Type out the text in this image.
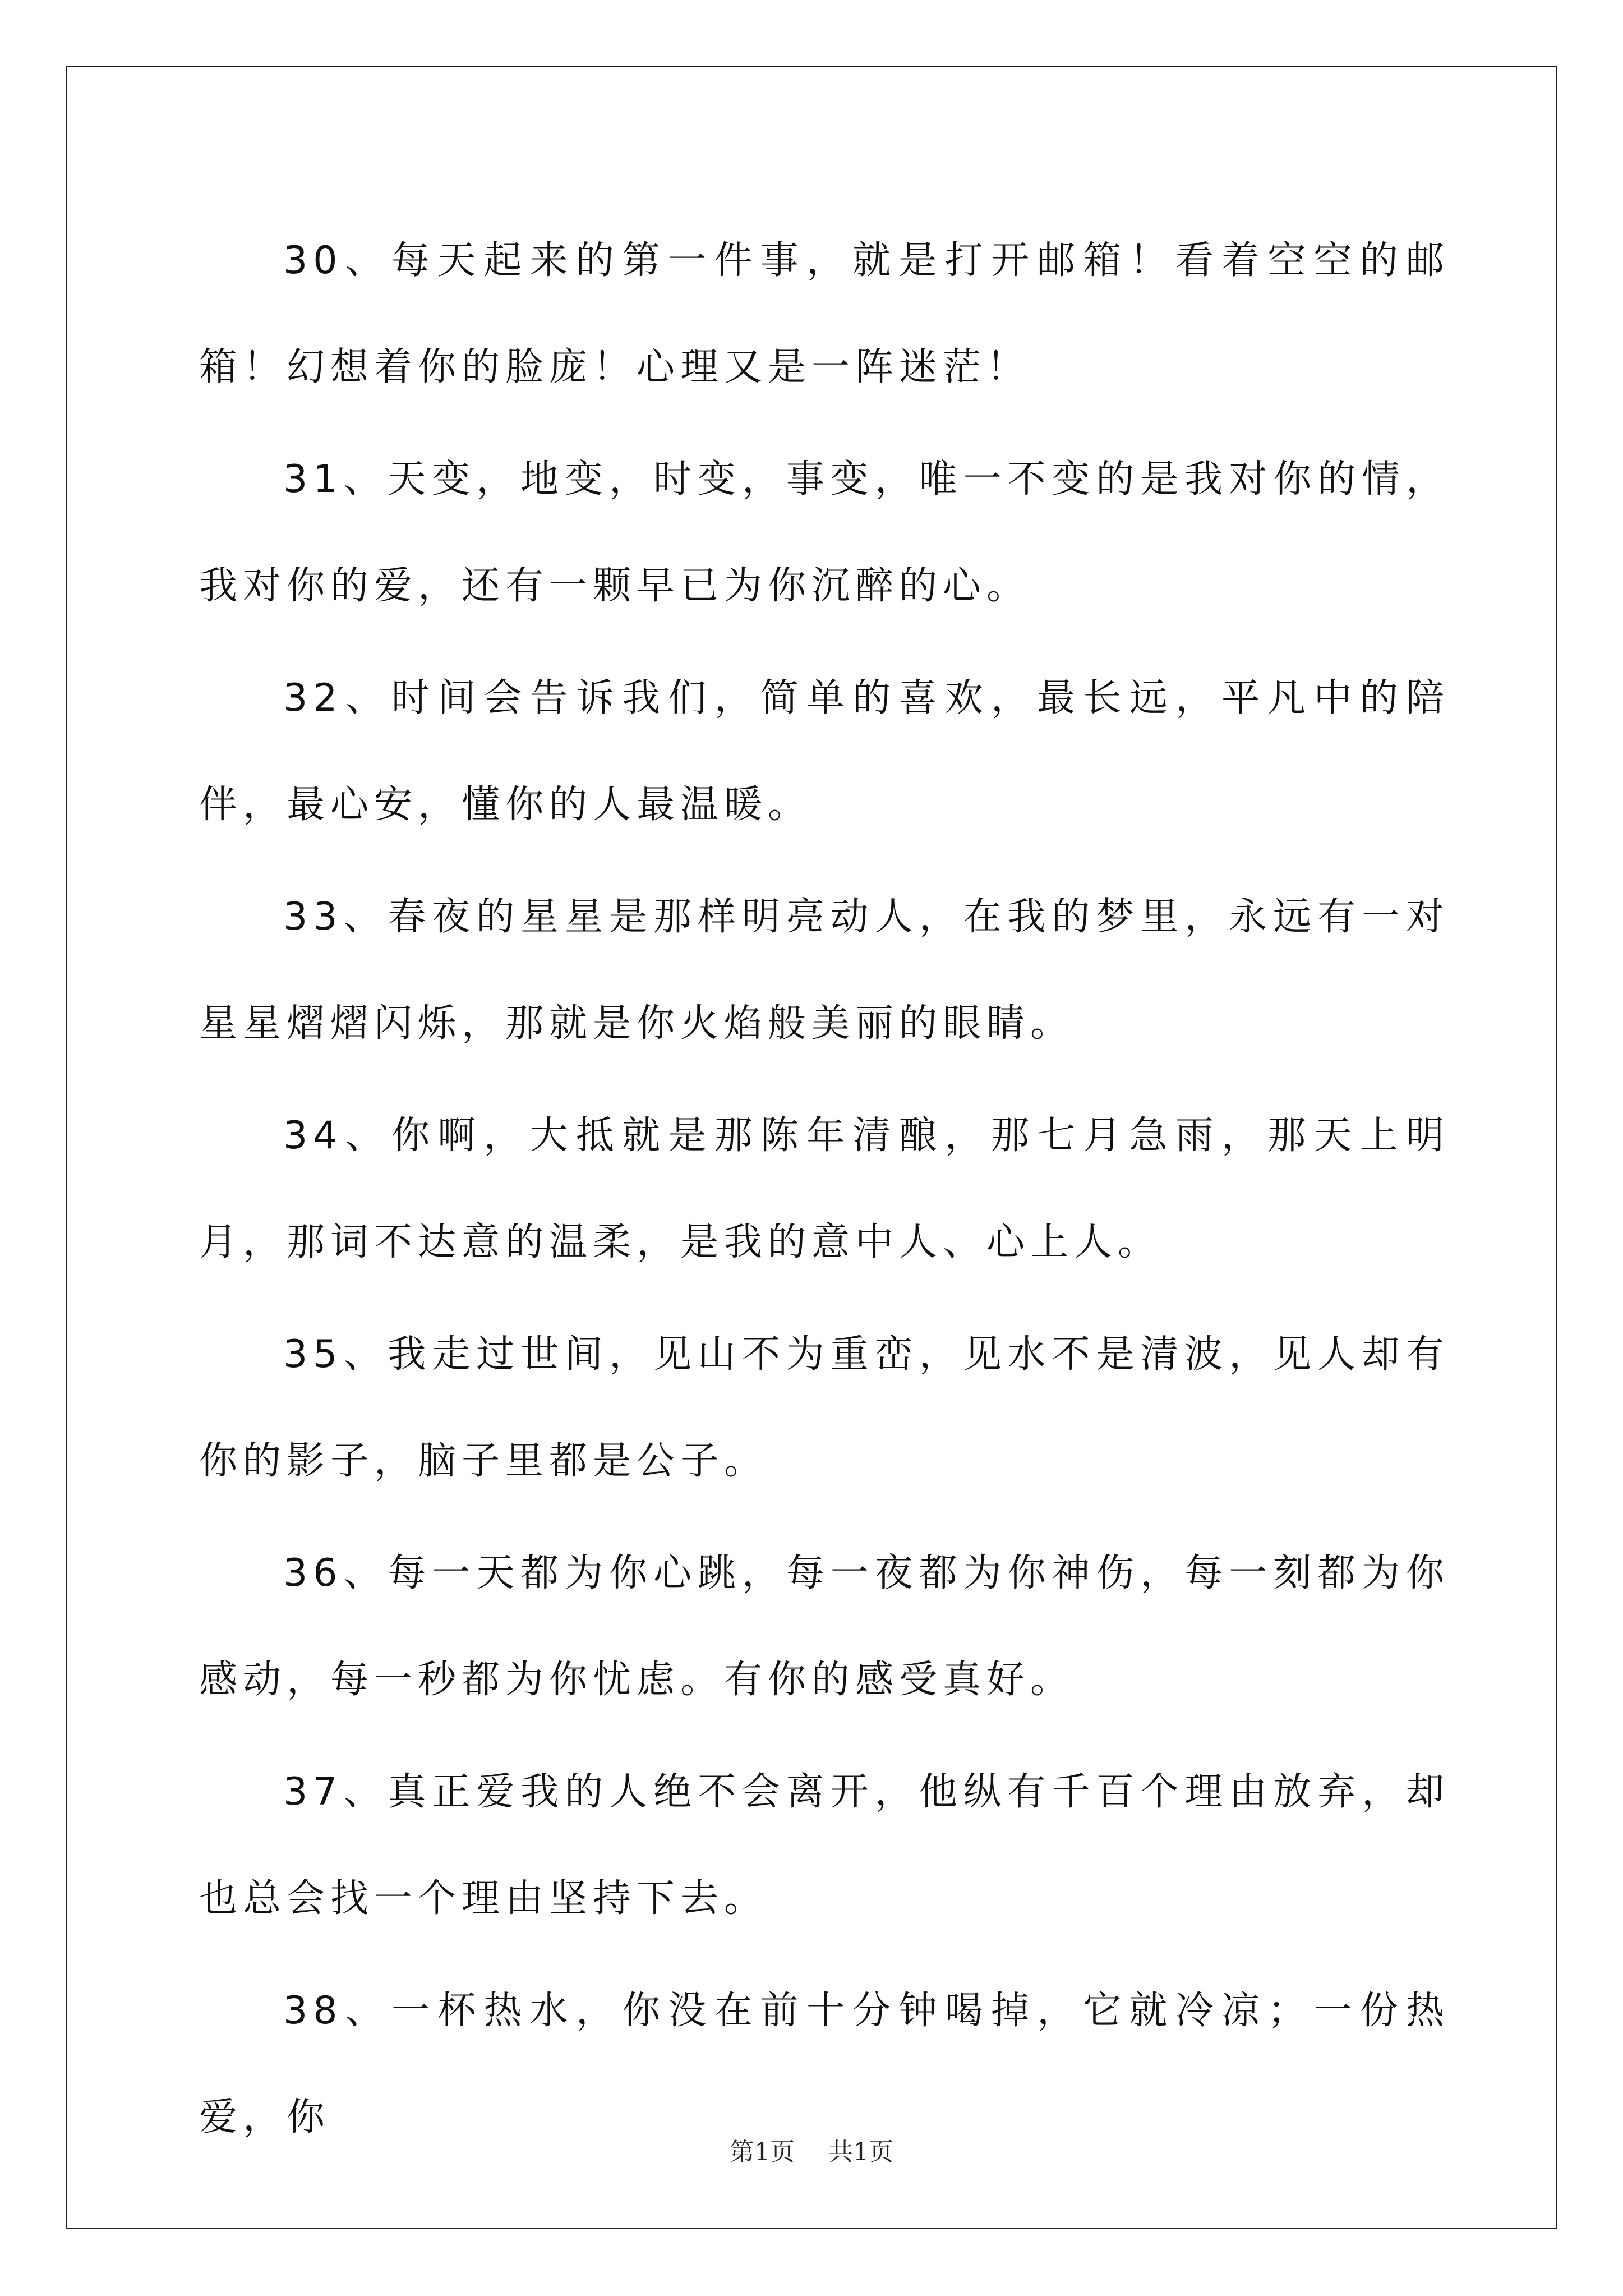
30、每天起来的第一件事，就是打开邮箱！看着空空的邮箱！幻想着你的脸庞！心理又是一阵迷茫！

31、天变，地变，时变，事变，唯一不变的是我对你的情，我对你的爱，还有一颗早已为你沉醉的心。

32、时间会告诉我们，简单的喜欢，最长远，平凡中的陪伴，最心安，懂你的人最温暖。

33、春夜的星星是那样明亮动人，在我的梦里，永远有一对星星熠熠闪烁，那就是你火焰般美丽的眼睛。

34、你啊，大抵就是那陈年清酿，那七月急雨，那天上明月，那词不达意的温柔，是我的意中人、心上人。

35、我走过世间，见山不为重峦，见水不是清波，见人却有你的影子，脑子里都是公子。

36、每一天都为你心跳，每一夜都为你神伤，每一刻都为你感动，每一秒都为你忧虑。有你的感受真好。

37、真正爱我的人绝不会离开，他纵有千百个理由放弃，却也总会找一个理由坚持下去。

38、一杯热水，你没在前十分钟喝掉，它就冷凉；一份热爱，你

第1页 共1页
